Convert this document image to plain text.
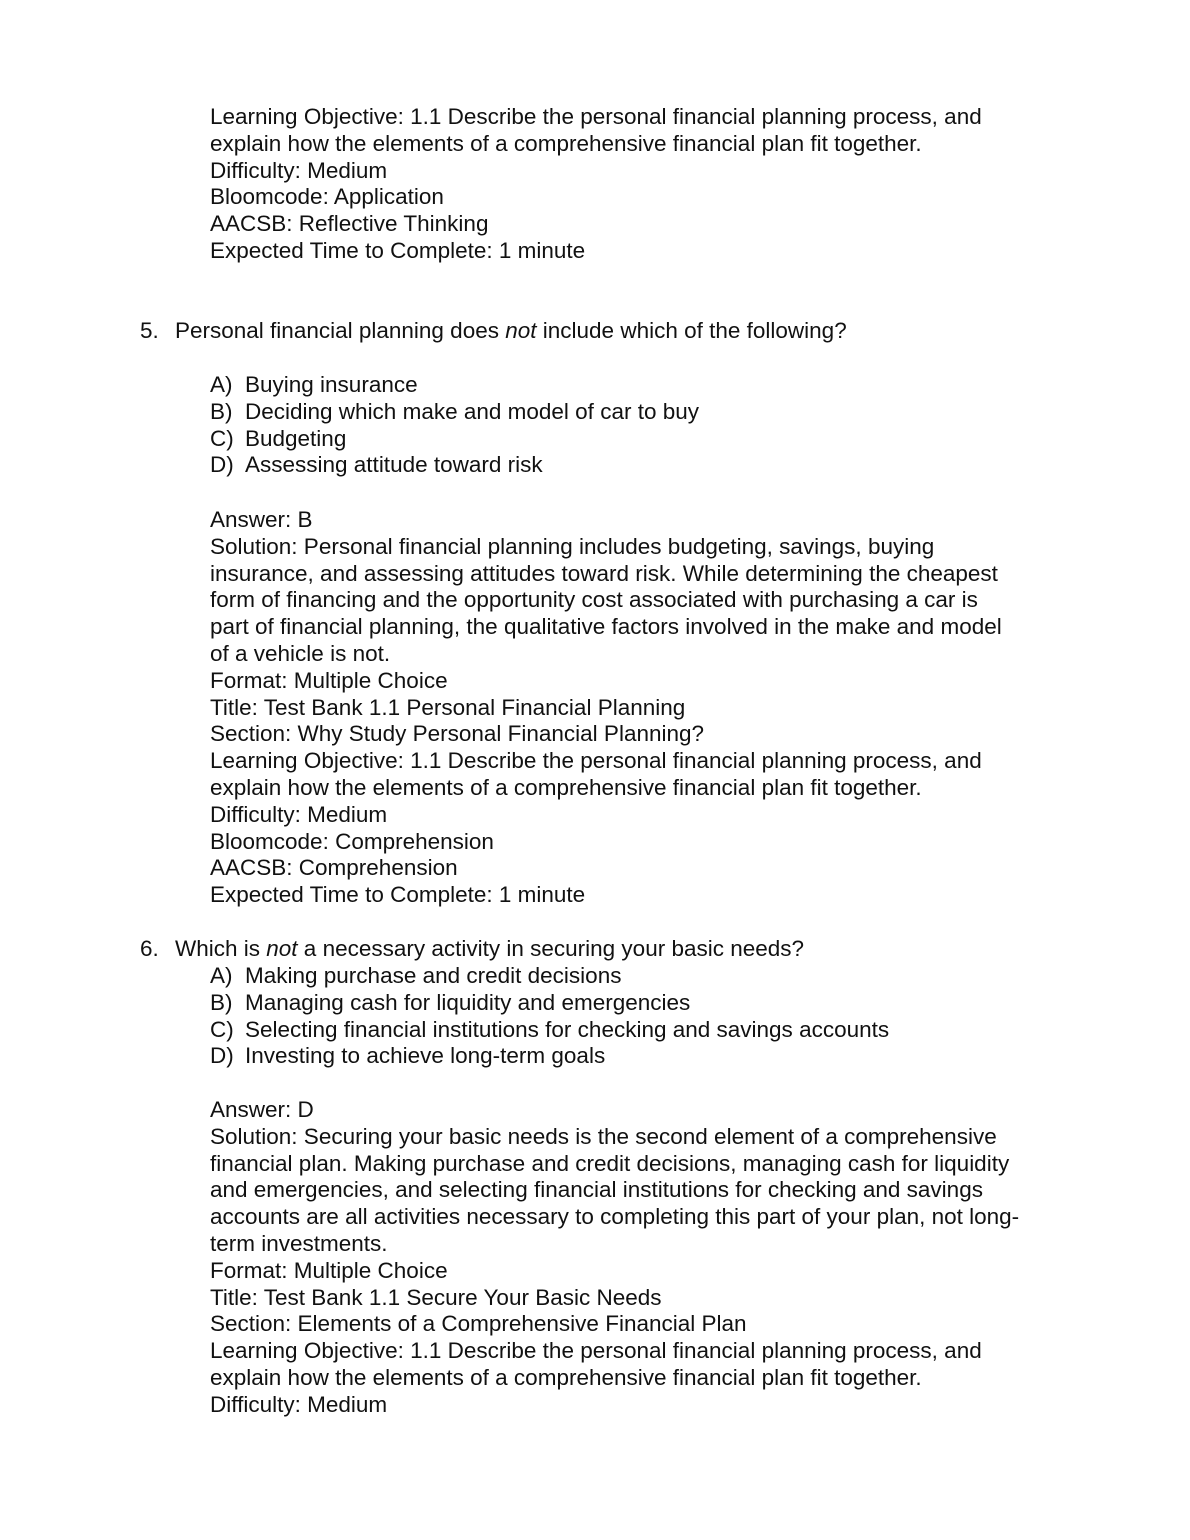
Learning Objective: 1.1 Describe the personal financial planning process, and
explain how the elements of a comprehensive financial plan fit together.
Difficulty: Medium
Bloomcode: Application
AACSB: Reflective Thinking
Expected Time to Complete: 1 minute
5. Personal financial planning does not include which of the following?
A) Buying insurance
B) Deciding which make and model of car to buy
C) Budgeting
D) Assessing attitude toward risk
Answer: B
Solution: Personal financial planning includes budgeting, savings, buying
insurance, and assessing attitudes toward risk. While determining the cheapest
form of financing and the opportunity cost associated with purchasing a car is
part of financial planning, the qualitative factors involved in the make and model
of a vehicle is not.
Format: Multiple Choice
Title: Test Bank 1.1 Personal Financial Planning
Section: Why Study Personal Financial Planning?
Learning Objective: 1.1 Describe the personal financial planning process, and
explain how the elements of a comprehensive financial plan fit together.
Difficulty: Medium
Bloomcode: Comprehension
AACSB: Comprehension
Expected Time to Complete: 1 minute
6. Which is not a necessary activity in securing your basic needs?
A) Making purchase and credit decisions
B) Managing cash for liquidity and emergencies
C) Selecting financial institutions for checking and savings accounts
D) Investing to achieve long-term goals
Answer: D
Solution: Securing your basic needs is the second element of a comprehensive
financial plan. Making purchase and credit decisions, managing cash for liquidity
and emergencies, and selecting financial institutions for checking and savings
accounts are all activities necessary to completing this part of your plan, not long-
term investments.
Format: Multiple Choice
Title: Test Bank 1.1 Secure Your Basic Needs
Section: Elements of a Comprehensive Financial Plan
Learning Objective: 1.1 Describe the personal financial planning process, and
explain how the elements of a comprehensive financial plan fit together.
Difficulty: Medium
